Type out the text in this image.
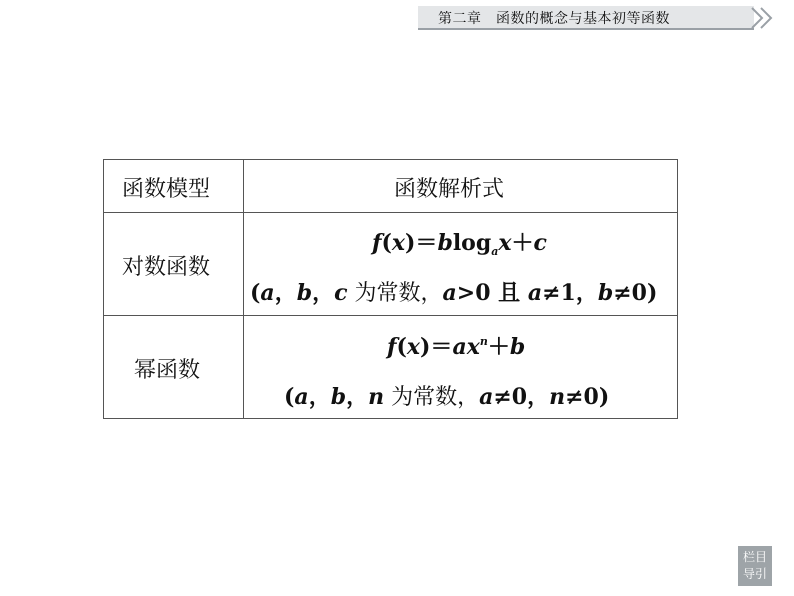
第二章　函数的概念与基本初等函数
函数模型	函数解析式
对数函数
f(x)＝blog$_a$x＋c
(a，b，c 为常数，a>0 且 a≠1，b≠0)
幂函数
$f(x)=ax^n+b$
(a，b，n 为常数，a≠0，n≠0)
栏目
导引
